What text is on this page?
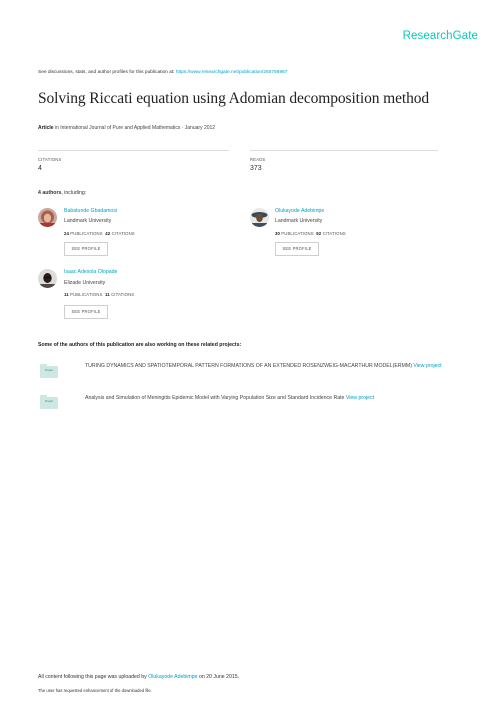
ResearchGate
See discussions, stats, and author profiles for this publication at: https://www.researchgate.net/publication/265756987
Solving Riccati equation using Adomian decomposition method
Article in International Journal of Pure and Applied Mathematics · January 2012
CITATIONS
4
READS
373
4 authors, including:
Babatunde Gbadamosi
Landmark University
24 PUBLICATIONS 42 CITATIONS
SEE PROFILE
Olukayode Adebimpe
Landmark University
30 PUBLICATIONS 92 CITATIONS
SEE PROFILE
Isaac Adesola Olopade
Elizade University
11 PUBLICATIONS 11 CITATIONS
SEE PROFILE
Some of the authors of this publication are also working on these related projects:
Project
TURING DYNAMICS AND SPATIOTEMPORAL PATTERN FORMATIONS OF AN EXTENDED ROSENZWEIG-MACARTHUR MODEL(ERMM) View project
Project
Analysis and Simulation of Meningitis Epidemic Model with Varying Population Size and Standard Incidence Rate View project
All content following this page was uploaded by Olukayode Adebimpe on 20 June 2015.
The user has requested enhancement of the downloaded file.
